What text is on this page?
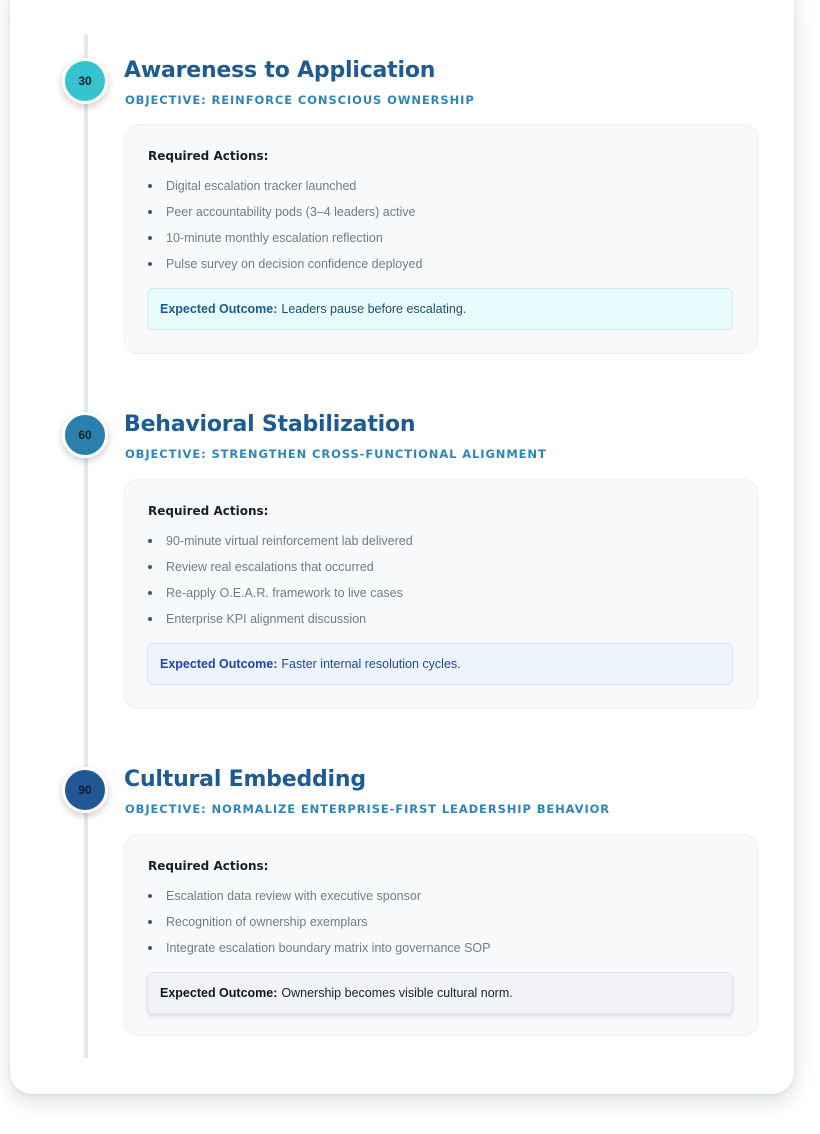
30	Awareness to Application

OBJECTIVE: REINFORCE CONSCIOUS OWNERSHIP

Required Actions:

Digital escalation tracker launched
Peer accountability pods (3–4 leaders) active
10-minute monthly escalation reflection
Pulse survey on decision confidence deployed
Expected Outcome: Leaders pause before escalating.
60	Behavioral Stabilization

OBJECTIVE: STRENGTHEN CROSS-FUNCTIONAL ALIGNMENT

Required Actions:

90-minute virtual reinforcement lab delivered
Review real escalations that occurred
Re-apply O.E.A.R. framework to live cases
Enterprise KPI alignment discussion
Expected Outcome: Faster internal resolution cycles.
90	Cultural Embedding

OBJECTIVE: NORMALIZE ENTERPRISE-FIRST LEADERSHIP BEHAVIOR

Required Actions:

Escalation data review with executive sponsor
Recognition of ownership exemplars
Integrate escalation boundary matrix into governance SOP
Expected Outcome: Ownership becomes visible cultural norm.
